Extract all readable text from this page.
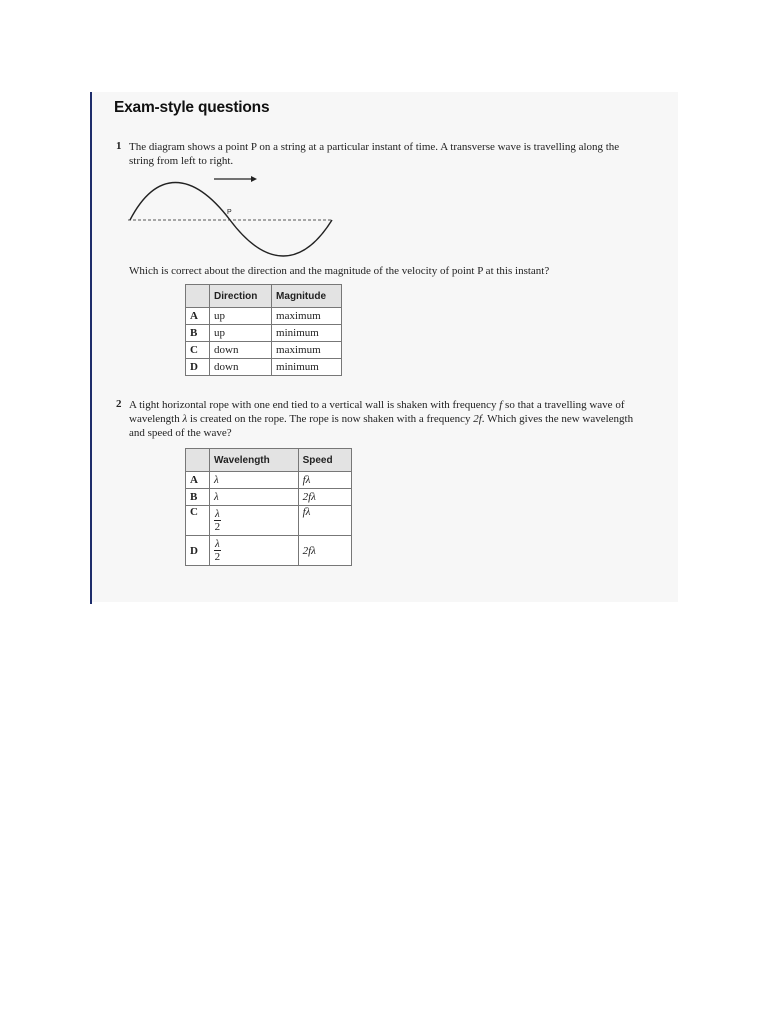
Exam-style questions
1 The diagram shows a point P on a string at a particular instant of time. A transverse wave is travelling along the
string from left to right.

P

Which is correct about the direction and the magnitude of the velocity of point P at this instant?

	Direction	Magnitude
A	up	maximum
B	up	minimum
C	down	maximum
D	down	minimum
2 A tight horizontal rope with one end tied to a vertical wall is shaken with frequency f so that a travelling wave of
wavelength λ is created on the rope. The rope is now shaken with a frequency 2f. Which gives the new wavelength
and speed of the wave?

	Wavelength	Speed
A	λ	fλ
B	λ	2fλ
C	$\frac{\lambda}{2}$	fλ
D	$\frac{\lambda}{2}$	2fλ
